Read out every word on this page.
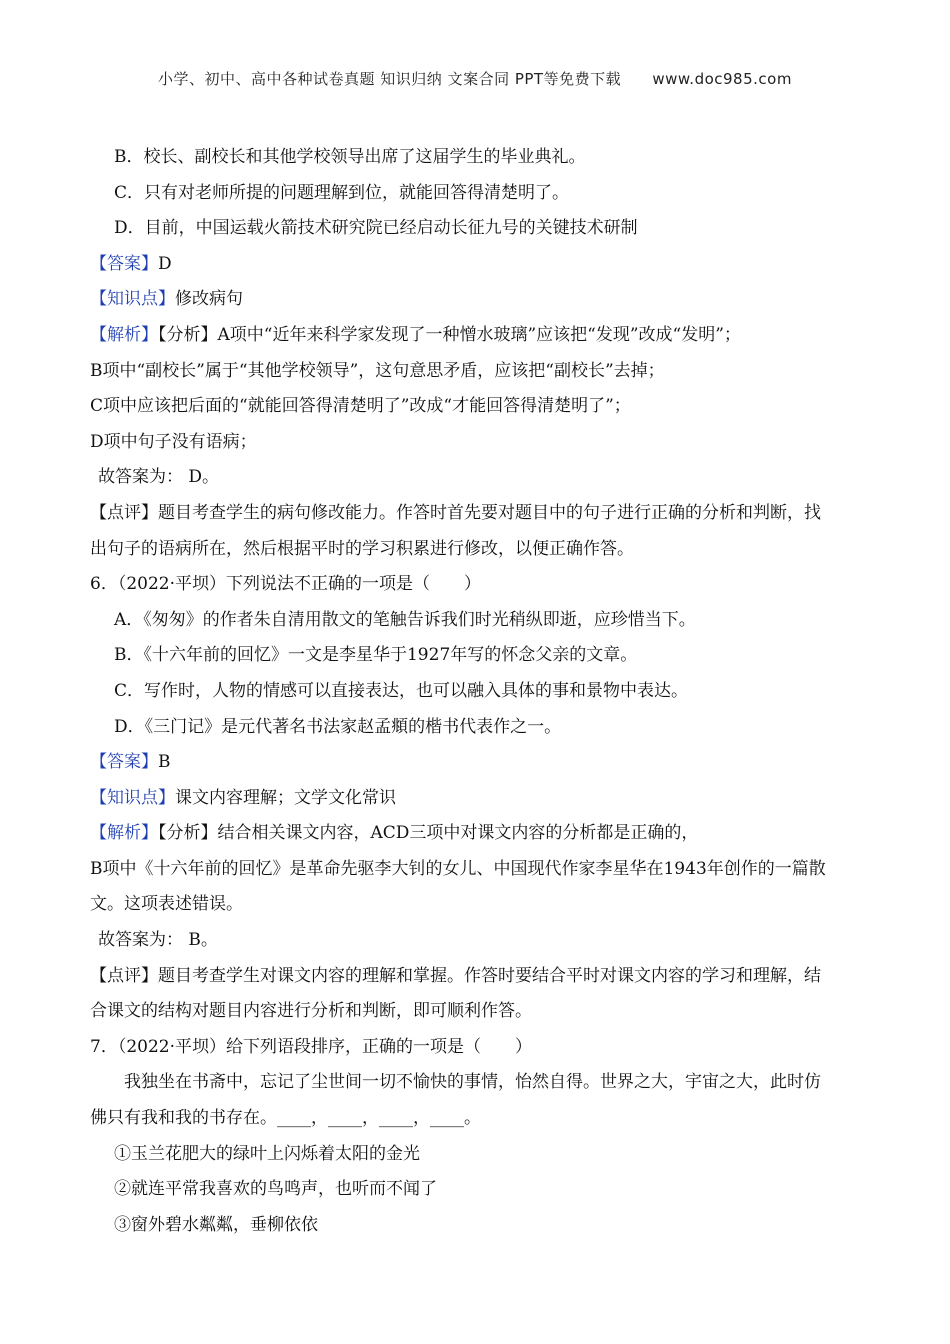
小学、初中、高中各种试卷真题 知识归纳 文案合同 PPT等免费下载 www.doc985.com
B．校长、副校长和其他学校领导出席了这届学生的毕业典礼。
C．只有对老师所提的问题理解到位，就能回答得清楚明了。
D．目前，中国运载火箭技术研究院已经启动长征九号的关键技术研制
【答案】D
【知识点】修改病句
【解析】【分析】A项中“近年来科学家发现了一种憎水玻璃”应该把“发现”改成“发明”；
B项中“副校长”属于“其他学校领导”，这句意思矛盾，应该把“副校长”去掉；
C项中应该把后面的“就能回答得清楚明了”改成“才能回答得清楚明了”；
D项中句子没有语病；
故答案为： D。
【点评】题目考查学生的病句修改能力。作答时首先要对题目中的句子进行正确的分析和判断，找
出句子的语病所在，然后根据平时的学习积累进行修改，以便正确作答。
6．（2022·平坝）下列说法不正确的一项是（　　）
A．《匆匆》的作者朱自清用散文的笔触告诉我们时光稍纵即逝，应珍惜当下。
B．《十六年前的回忆》一文是李星华于1927年写的怀念父亲的文章。
C．写作时，人物的情感可以直接表达，也可以融入具体的事和景物中表达。
D．《三门记》是元代著名书法家赵孟頫的楷书代表作之一。
【答案】B
【知识点】课文内容理解；文学文化常识
【解析】【分析】结合相关课文内容，ACD三项中对课文内容的分析都是正确的，
B项中《十六年前的回忆》是革命先驱李大钊的女儿、中国现代作家李星华在1943年创作的一篇散
文。这项表述错误。
故答案为： B。
【点评】题目考查学生对课文内容的理解和掌握。作答时要结合平时对课文内容的学习和理解，结
合课文的结构对题目内容进行分析和判断，即可顺利作答。
7．（2022·平坝）给下列语段排序，正确的一项是（　　）
我独坐在书斋中，忘记了尘世间一切不愉快的事情，怡然自得。世界之大，宇宙之大，此时仿
佛只有我和我的书存在。____，____，____，____。
①玉兰花肥大的绿叶上闪烁着太阳的金光
②就连平常我喜欢的鸟鸣声，也听而不闻了
③窗外碧水粼粼，垂柳依依
